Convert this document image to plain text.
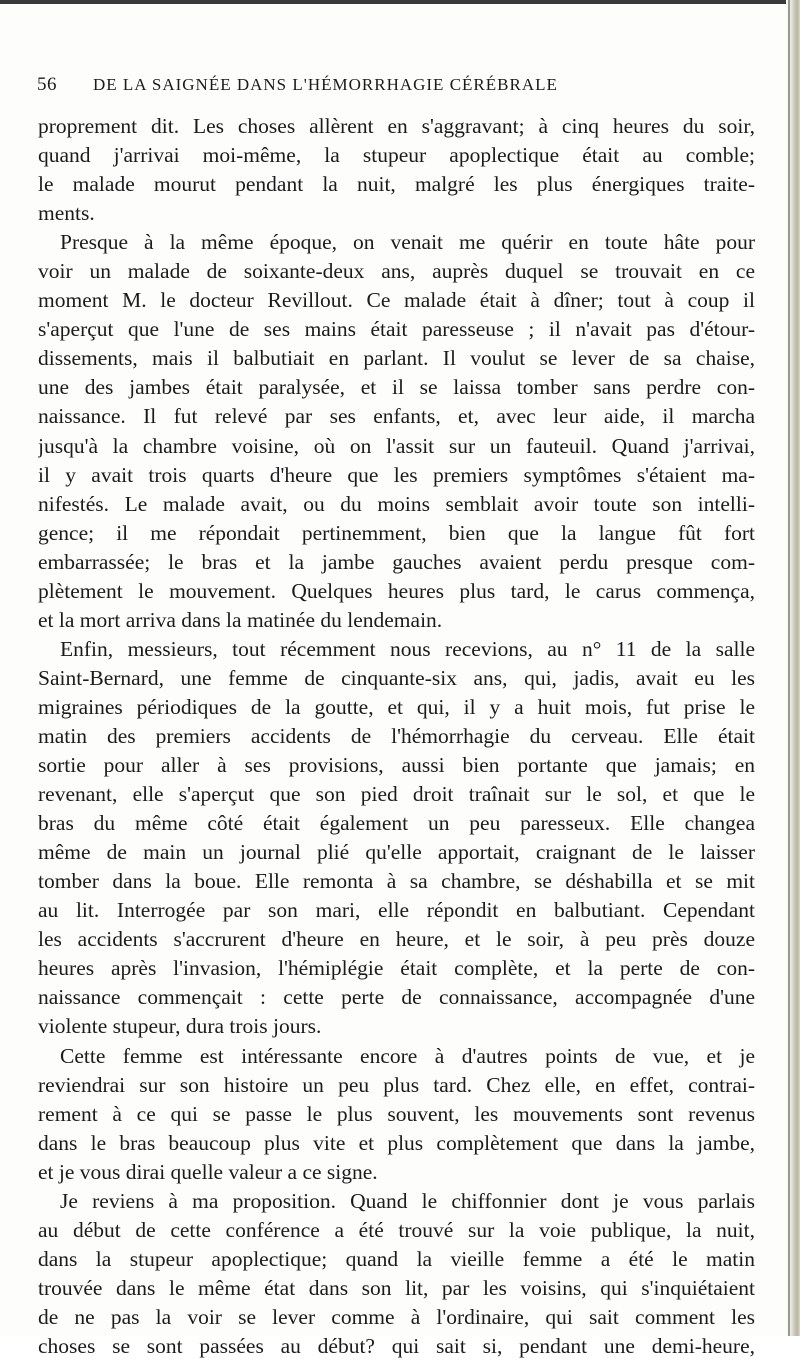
56 DE LA SAIGNÉE DANS L'HÉMORRHAGIE CÉRÉBRALE
proprement dit. Les choses allèrent en s'aggravant; à cinq heures du soir,
quand j'arrivai moi-même, la stupeur apoplectique était au comble;
le malade mourut pendant la nuit, malgré les plus énergiques traite-
ments.
Presque à la même époque, on venait me quérir en toute hâte pour
voir un malade de soixante-deux ans, auprès duquel se trouvait en ce
moment M. le docteur Revillout. Ce malade était à dîner; tout à coup il
s'aperçut que l'une de ses mains était paresseuse ; il n'avait pas d'étour-
dissements, mais il balbutiait en parlant. Il voulut se lever de sa chaise,
une des jambes était paralysée, et il se laissa tomber sans perdre con-
naissance. Il fut relevé par ses enfants, et, avec leur aide, il marcha
jusqu'à la chambre voisine, où on l'assit sur un fauteuil. Quand j'arrivai,
il y avait trois quarts d'heure que les premiers symptômes s'étaient ma-
nifestés. Le malade avait, ou du moins semblait avoir toute son intelli-
gence; il me répondait pertinemment, bien que la langue fût fort
embarrassée; le bras et la jambe gauches avaient perdu presque com-
plètement le mouvement. Quelques heures plus tard, le carus commença,
et la mort arriva dans la matinée du lendemain.
Enfin, messieurs, tout récemment nous recevions, au n° 11 de la salle
Saint-Bernard, une femme de cinquante-six ans, qui, jadis, avait eu les
migraines périodiques de la goutte, et qui, il y a huit mois, fut prise le
matin des premiers accidents de l'hémorrhagie du cerveau. Elle était
sortie pour aller à ses provisions, aussi bien portante que jamais; en
revenant, elle s'aperçut que son pied droit traînait sur le sol, et que le
bras du même côté était également un peu paresseux. Elle changea
même de main un journal plié qu'elle apportait, craignant de le laisser
tomber dans la boue. Elle remonta à sa chambre, se déshabilla et se mit
au lit. Interrogée par son mari, elle répondit en balbutiant. Cependant
les accidents s'accrurent d'heure en heure, et le soir, à peu près douze
heures après l'invasion, l'hémiplégie était complète, et la perte de con-
naissance commençait : cette perte de connaissance, accompagnée d'une
violente stupeur, dura trois jours.
Cette femme est intéressante encore à d'autres points de vue, et je
reviendrai sur son histoire un peu plus tard. Chez elle, en effet, contrai-
rement à ce qui se passe le plus souvent, les mouvements sont revenus
dans le bras beaucoup plus vite et plus complètement que dans la jambe,
et je vous dirai quelle valeur a ce signe.
Je reviens à ma proposition. Quand le chiffonnier dont je vous parlais
au début de cette conférence a été trouvé sur la voie publique, la nuit,
dans la stupeur apoplectique; quand la vieille femme a été le matin
trouvée dans le même état dans son lit, par les voisins, qui s'inquiétaient
de ne pas la voir se lever comme à l'ordinaire, qui sait comment les
choses se sont passées au début? qui sait si, pendant une demi-heure,
